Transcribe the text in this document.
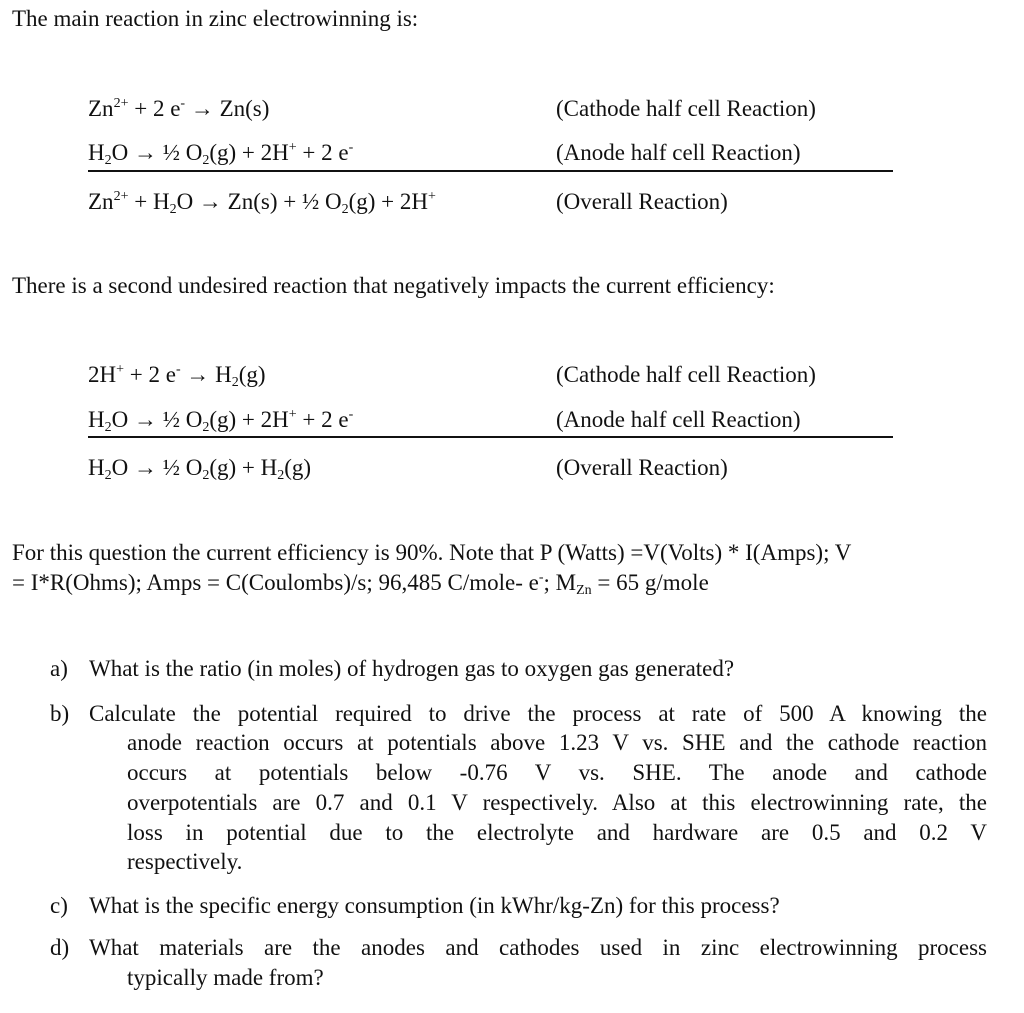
The main reaction in zinc electrowinning is:
$Zn^{2+} + 2$ e- → Zn(s)	(Cathode half cell Reaction)
$H_2O$ → ½ $O_2(g) + 2H^+ + 2$ e-	(Anode half cell Reaction)
$Zn^{2+} + H_2O \to Zn(s)$ + ½ $O_2(g) + 2H^+$	(Overall Reaction)
There is a second undesired reaction that negatively impacts the current efficiency:
2H+ + 2 $e^- \to H_2(g)$	(Cathode half cell Reaction)
$H_2O$ → ½ $O_2(g) + 2H^+ + 2$ e-	(Anode half cell Reaction)
$H_2O$ → ½ $O_2(g) + H_2(g)$	(Overall Reaction)
For this question the current efficiency is 90%. Note that P (Watts) =V(Volts) * I(Amps); V
= I*R(Ohms); Amps = C(Coulombs)/s; 96,485 C/mole- e-; $M_{Zn} = 65$ g/mole
a) What is the ratio (in moles) of hydrogen gas to oxygen gas generated?
b) Calculate the potential required to drive the process at rate of 500 A knowing the
anode reaction occurs at potentials above 1.23 V vs. SHE and the cathode reaction
occurs at potentials below -0.76 V vs. SHE. The anode and cathode
overpotentials are 0.7 and 0.1 V respectively. Also at this electrowinning rate, the
loss in potential due to the electrolyte and hardware are 0.5 and 0.2 V
respectively.
c) What is the specific energy consumption (in kWhr/kg-Zn) for this process?
d) What materials are the anodes and cathodes used in zinc electrowinning process
typically made from?
